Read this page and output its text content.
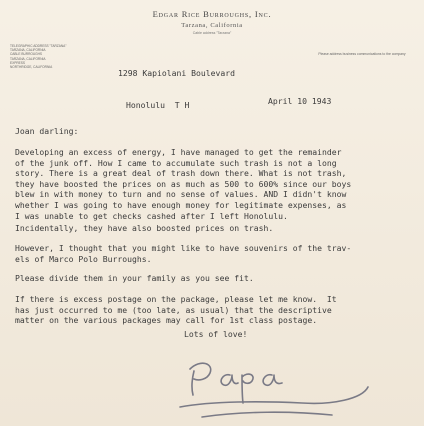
Edgar Rice Burroughs, Inc.
Tarzana, California
Cable address "Tarzana"
TELEGRAPHIC ADDRESS "TARZANA"
TARZANA, CALIFORNIA
CABLE BURROUGHS
TARZANA, CALIFORNIA
EXPRESS
NORTHRIDGE, CALIFORNIA

1298 Kapiolani Boulevard

Honolulu  T H

Please address business communications to the company
April 10 1943
Joan darling:
Developing an excess of energy, I have managed to get the remainder
of the junk off. How I came to accumulate such trash is not a long
story. There is a great deal of trash down there. What is not trash,
they have boosted the prices on as much as 500 to 600% since our boys
blew in with money to turn and no sense of values. AND I didn't know
whether I was going to have enough money for legitimate expenses, as
I was unable to get checks cashed after I left Honolulu.
Incidentally, they have also boosted prices on trash.
However, I thought that you might like to have souvenirs of the trav-
els of Marco Polo Burroughs.
Please divide them in your family as you see fit.
If there is excess postage on the package, please let me know.  It
has just occurred to me (too late, as usual) that the descriptive
matter on the various packages may call for 1st class postage.
Lots of love!
